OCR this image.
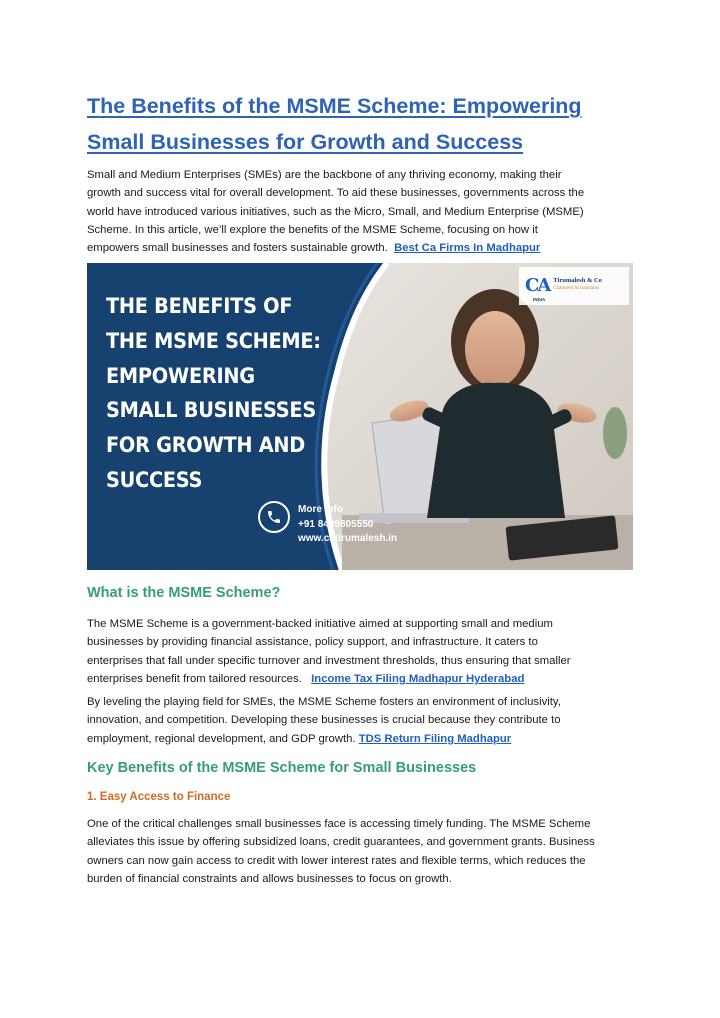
The Benefits of the MSME Scheme: Empowering
Small Businesses for Growth and Success
Small and Medium Enterprises (SMEs) are the backbone of any thriving economy, making their
growth and success vital for overall development. To aid these businesses, governments across the
world have introduced various initiatives, such as the Micro, Small, and Medium Enterprise (MSME)
Scheme. In this article, we’ll explore the benefits of the MSME Scheme, focusing on how it
empowers small businesses and fosters sustainable growth. Best Ca Firms In Madhapur
THE BENEFITS OF
THE MSME SCHEME:
EMPOWERING
SMALL BUSINESSES
FOR GROWTH AND
SUCCESS
More Info
+91 8499805550
www.catirumalesh.in
CA Tirumalesh & Co
Chartered Accountants
INDIA
What is the MSME Scheme?
The MSME Scheme is a government-backed initiative aimed at supporting small and medium
businesses by providing financial assistance, policy support, and infrastructure. It caters to
enterprises that fall under specific turnover and investment thresholds, thus ensuring that smaller
enterprises benefit from tailored resources. Income Tax Filing Madhapur Hyderabad
By leveling the playing field for SMEs, the MSME Scheme fosters an environment of inclusivity,
innovation, and competition. Developing these businesses is crucial because they contribute to
employment, regional development, and GDP growth. TDS Return Filing Madhapur
Key Benefits of the MSME Scheme for Small Businesses
1. Easy Access to Finance
One of the critical challenges small businesses face is accessing timely funding. The MSME Scheme
alleviates this issue by offering subsidized loans, credit guarantees, and government grants. Business
owners can now gain access to credit with lower interest rates and flexible terms, which reduces the
burden of financial constraints and allows businesses to focus on growth.
